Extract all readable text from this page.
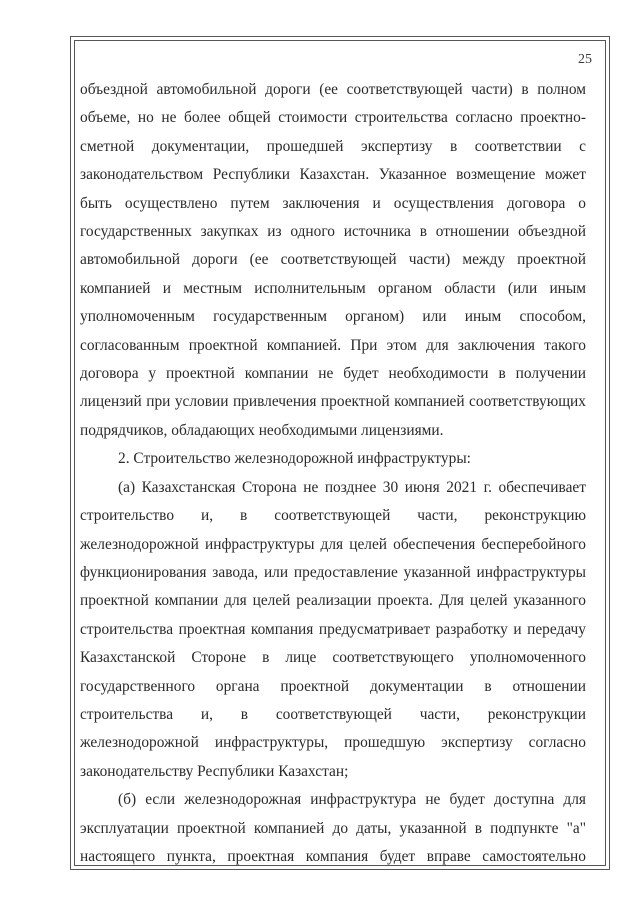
25

объездной автомобильной дороги (ее соответствующей части) в полном
объеме, но не более общей стоимости строительства согласно проектно-
сметной документации, прошедшей экспертизу в соответствии с
законодательством Республики Казахстан. Указанное возмещение может
быть осуществлено путем заключения и осуществления договора о
государственных закупках из одного источника в отношении объездной
автомобильной дороги (ее соответствующей части) между проектной
компанией и местным исполнительным органом области (или иным
уполномоченным государственным органом) или иным способом,
согласованным проектной компанией. При этом для заключения такого
договора у проектной компании не будет необходимости в получении
лицензий при условии привлечения проектной компанией соответствующих
подрядчиков, обладающих необходимыми лицензиями.

2. Строительство железнодорожной инфраструктуры:

(а) Казахстанская Сторона не позднее 30 июня 2021 г. обеспечивает
строительство и, в соответствующей части, реконструкцию
железнодорожной инфраструктуры для целей обеспечения бесперебойного
функционирования завода, или предоставление указанной инфраструктуры
проектной компании для целей реализации проекта. Для целей указанного
строительства проектная компания предусматривает разработку и передачу
Казахстанской Стороне в лице соответствующего уполномоченного
государственного органа проектной документации в отношении
строительства и, в соответствующей части, реконструкции
железнодорожной инфраструктуры, прошедшую экспертизу согласно
законодательству Республики Казахстан;

(б) если железнодорожная инфраструктура не будет доступна для
эксплуатации проектной компанией до даты, указанной в подпункте "а"
настоящего пункта, проектная компания будет вправе самостоятельно
